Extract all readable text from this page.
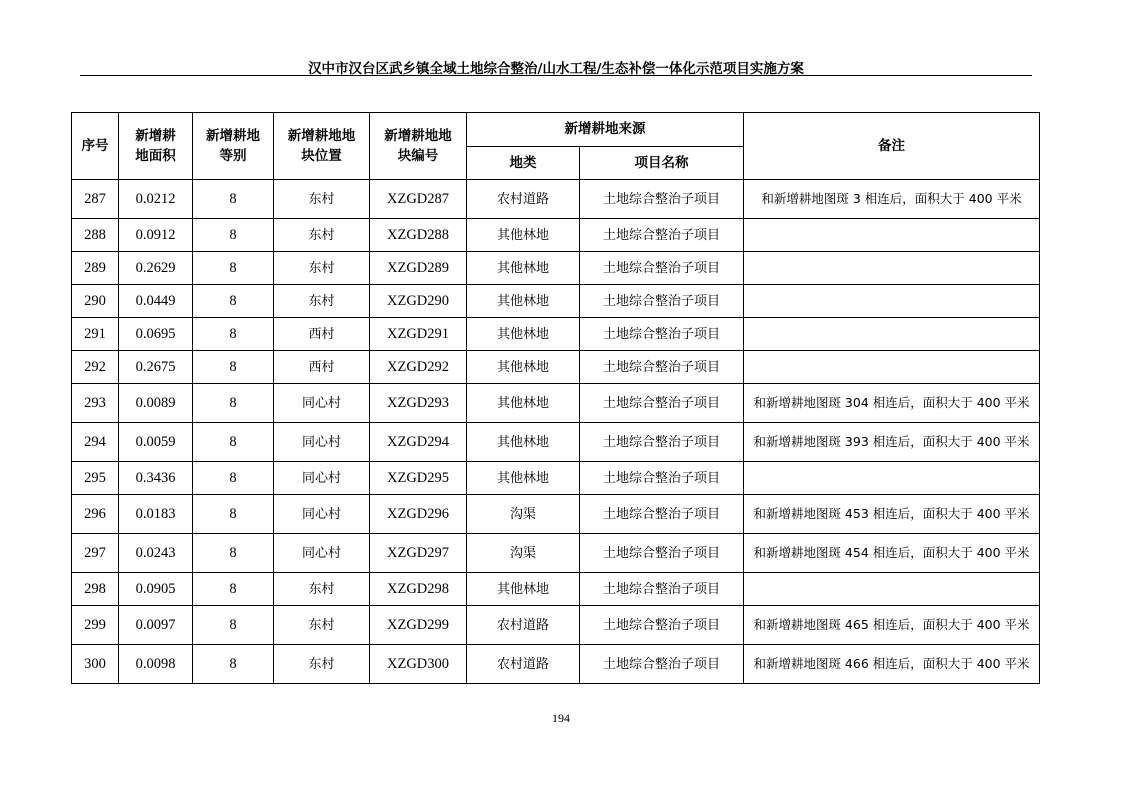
汉中市汉台区武乡镇全域土地综合整治/山水工程/生态补偿一体化示范项目实施方案
序号	新增耕地面积	新增耕地等别	新增耕地地块位置	新增耕地地块编号	新增耕地来源		备注
					地类	项目名称	
287	0.0212	8	东村	XZGD287	农村道路	土地综合整治子项目	和新增耕地图斑 3 相连后，面积大于 400 平米
288	0.0912	8	东村	XZGD288	其他林地	土地综合整治子项目	
289	0.2629	8	东村	XZGD289	其他林地	土地综合整治子项目	
290	0.0449	8	东村	XZGD290	其他林地	土地综合整治子项目	
291	0.0695	8	西村	XZGD291	其他林地	土地综合整治子项目	
292	0.2675	8	西村	XZGD292	其他林地	土地综合整治子项目	
293	0.0089	8	同心村	XZGD293	其他林地	土地综合整治子项目	和新增耕地图斑 304 相连后，面积大于 400 平米
294	0.0059	8	同心村	XZGD294	其他林地	土地综合整治子项目	和新增耕地图斑 393 相连后，面积大于 400 平米
295	0.3436	8	同心村	XZGD295	其他林地	土地综合整治子项目	
296	0.0183	8	同心村	XZGD296	沟渠	土地综合整治子项目	和新增耕地图斑 453 相连后，面积大于 400 平米
297	0.0243	8	同心村	XZGD297	沟渠	土地综合整治子项目	和新增耕地图斑 454 相连后，面积大于 400 平米
298	0.0905	8	东村	XZGD298	其他林地	土地综合整治子项目	
299	0.0097	8	东村	XZGD299	农村道路	土地综合整治子项目	和新增耕地图斑 465 相连后，面积大于 400 平米
300	0.0098	8	东村	XZGD300	农村道路	土地综合整治子项目	和新增耕地图斑 466 相连后，面积大于 400 平米
194
